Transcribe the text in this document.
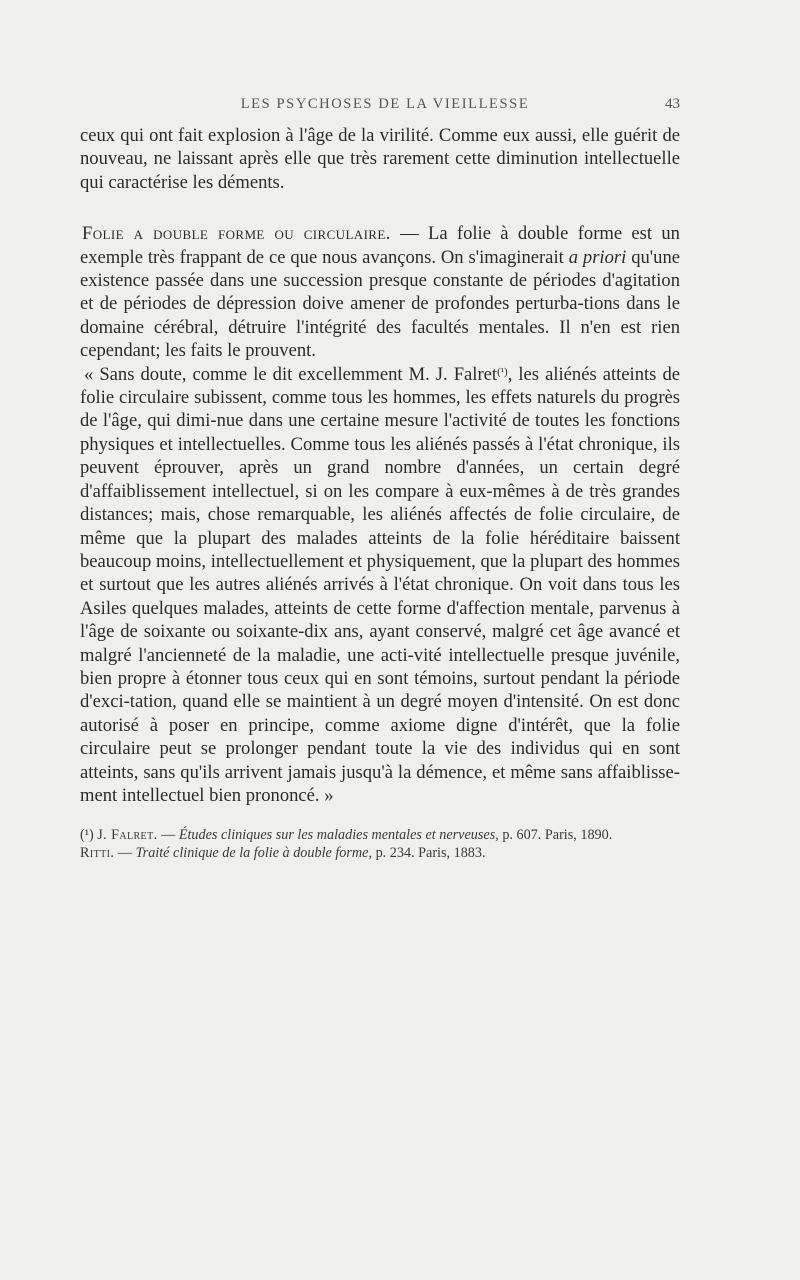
LES PSYCHOSES DE LA VIEILLESSE	43

ceux qui ont fait explosion à l'âge de la virilité. Comme eux aussi, elle guérit de nouveau, ne laissant après elle que très rarement cette diminution intellectuelle qui caractérise les déments.

Folie a double forme ou circulaire. — La folie à double forme est un exemple très frappant de ce que nous avançons. On s'imaginerait a priori qu'une existence passée dans une succession presque constante de périodes d'agitation et de périodes de dépression doive amener de profondes perturba-tions dans le domaine cérébral, détruire l'intégrité des facultés mentales. Il n'en est rien cependant; les faits le prouvent.

« Sans doute, comme le dit excellemment M. J. Falret$^{(^1)}$, les aliénés atteints de folie circulaire subissent, comme tous les hommes, les effets naturels du progrès de l'âge, qui dimi-nue dans une certaine mesure l'activité de toutes les fonctions physiques et intellectuelles. Comme tous les aliénés passés à l'état chronique, ils peuvent éprouver, après un grand nombre d'années, un certain degré d'affaiblissement intellectuel, si on les compare à eux-mêmes à de très grandes distances; mais, chose remarquable, les aliénés affectés de folie circulaire, de même que la plupart des malades atteints de la folie héréditaire baissent beaucoup moins, intellectuellement et physiquement, que la plupart des hommes et surtout que les autres aliénés arrivés à l'état chronique. On voit dans tous les Asiles quelques malades, atteints de cette forme d'affection mentale, parvenus à l'âge de soixante ou soixante-dix ans, ayant conservé, malgré cet âge avancé et malgré l'ancienneté de la maladie, une acti-vité intellectuelle presque juvénile, bien propre à étonner tous ceux qui en sont témoins, surtout pendant la période d'exci-tation, quand elle se maintient à un degré moyen d'intensité. On est donc autorisé à poser en principe, comme axiome digne d'intérêt, que la folie circulaire peut se prolonger pendant toute la vie des individus qui en sont atteints, sans qu'ils arrivent jamais jusqu'à la démence, et même sans affaiblisse-ment intellectuel bien prononcé. »

(¹) J. Falret. — Études cliniques sur les maladies mentales et nerveuses, p. 607. Paris, 1890.
Ritti. — Traité clinique de la folie à double forme, p. 234. Paris, 1883.
